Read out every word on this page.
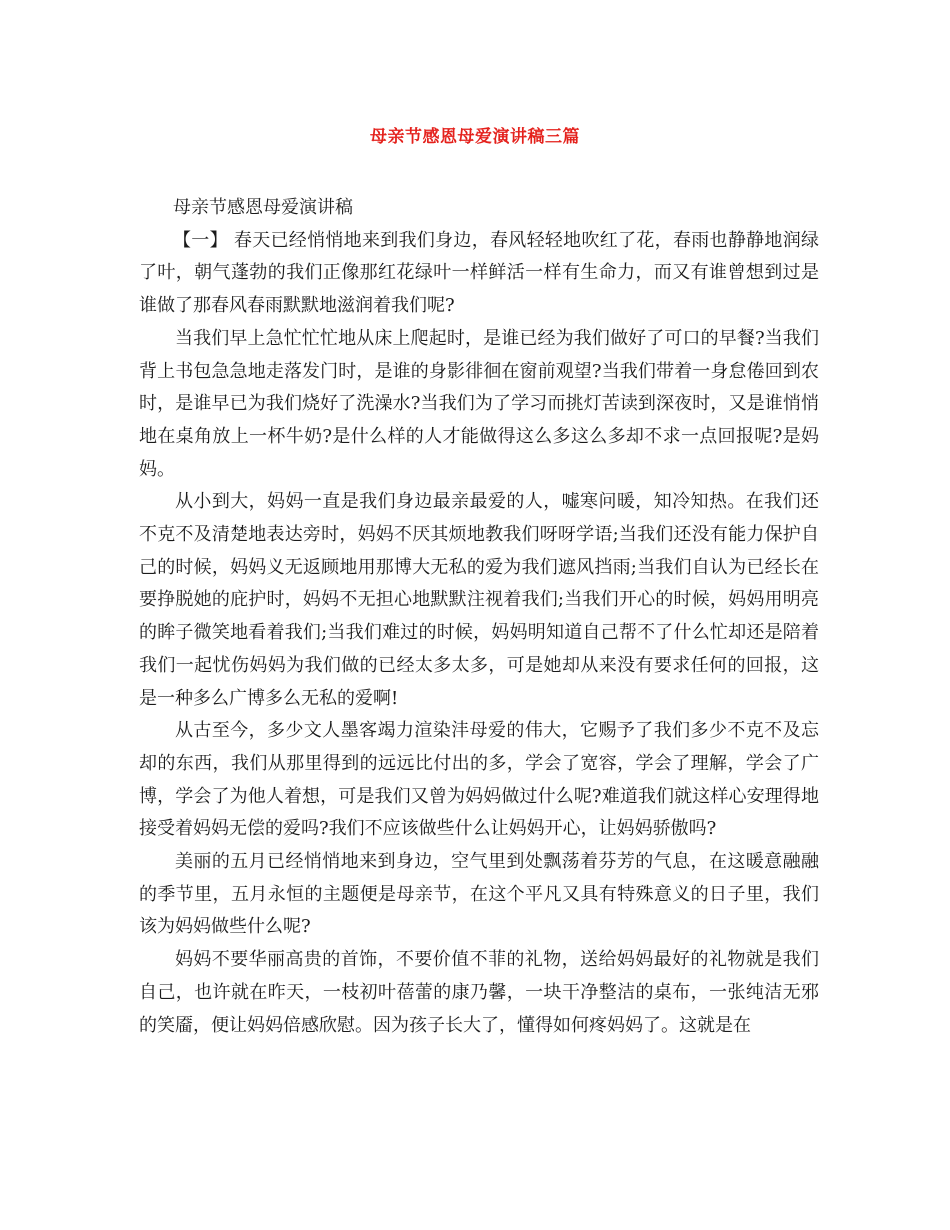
母亲节感恩母爱演讲稿三篇

母亲节感恩母爱演讲稿

【一】 春天已经悄悄地来到我们身边，春风轻轻地吹红了花，春雨也静静地润绿了叶，朝气蓬勃的我们正像那红花绿叶一样鲜活一样有生命力，而又有谁曾想到过是谁做了那春风春雨默默地滋润着我们呢?

当我们早上急忙忙忙地从床上爬起时，是谁已经为我们做好了可口的早餐?当我们背上书包急急地走落发门时，是谁的身影徘徊在窗前观望?当我们带着一身怠倦回到农时，是谁早已为我们烧好了洗澡水?当我们为了学习而挑灯苦读到深夜时，又是谁悄悄地在桌角放上一杯牛奶?是什么样的人才能做得这么多这么多却不求一点回报呢?是妈妈。

从小到大，妈妈一直是我们身边最亲最爱的人，嘘寒问暖，知冷知热。在我们还不克不及清楚地表达旁时，妈妈不厌其烦地教我们呀呀学语;当我们还没有能力保护自己的时候，妈妈义无返顾地用那博大无私的爱为我们遮风挡雨;当我们自认为已经长在要挣脱她的庇护时，妈妈不无担心地默默注视着我们;当我们开心的时候，妈妈用明亮的眸子微笑地看着我们;当我们难过的时候，妈妈明知道自己帮不了什么忙却还是陪着我们一起忧伤妈妈为我们做的已经太多太多，可是她却从来没有要求任何的回报，这是一种多么广博多么无私的爱啊!

从古至今，多少文人墨客竭力渲染沣母爱的伟大，它赐予了我们多少不克不及忘却的东西，我们从那里得到的远远比付出的多，学会了宽容，学会了理解，学会了广博，学会了为他人着想，可是我们又曾为妈妈做过什么呢?难道我们就这样心安理得地接受着妈妈无偿的爱吗?我们不应该做些什么让妈妈开心，让妈妈骄傲吗?

美丽的五月已经悄悄地来到身边，空气里到处飘荡着芬芳的气息，在这暖意融融的季节里，五月永恒的主题便是母亲节，在这个平凡又具有特殊意义的日子里，我们该为妈妈做些什么呢?

妈妈不要华丽高贵的首饰，不要价值不菲的礼物，送给妈妈最好的礼物就是我们自己，也许就在昨天，一枝初叶蓓蕾的康乃馨，一块干净整洁的桌布，一张纯洁无邪的笑靥，便让妈妈倍感欣慰。因为孩子长大了，懂得如何疼妈妈了。这就是在
